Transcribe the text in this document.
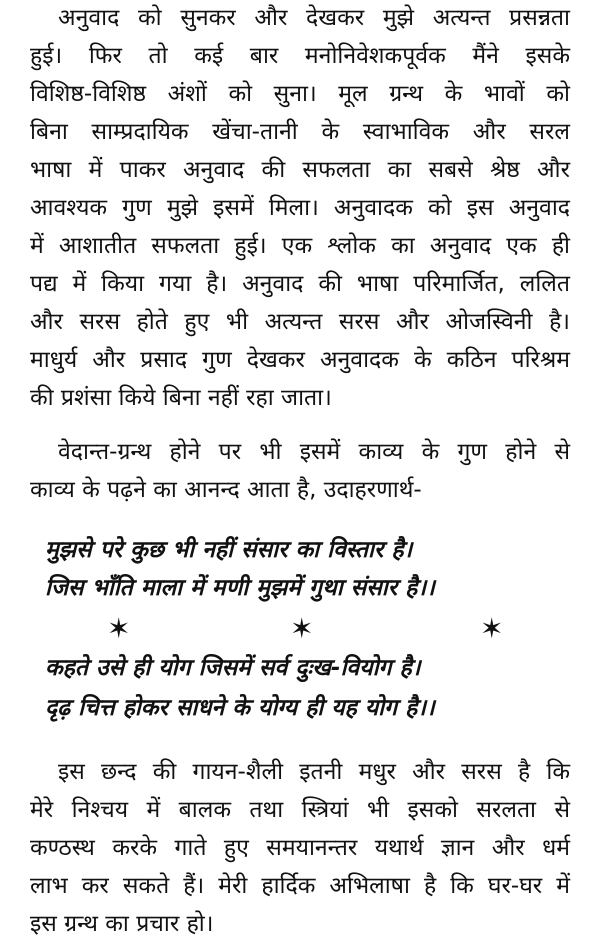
अनुवाद को सुनकर और देखकर मुझे अत्यन्त प्रसन्नता
हुई। फिर तो कई बार मनोनिवेशकपूर्वक मैंने इसके
विशिष्ठ-विशिष्ठ अंशों को सुना। मूल ग्रन्थ के भावों को
बिना साम्प्रदायिक खेंचा-तानी के स्वाभाविक और सरल
भाषा में पाकर अनुवाद की सफलता का सबसे श्रेष्ठ और
आवश्यक गुण मुझे इसमें मिला। अनुवादक को इस अनुवाद
में आशातीत सफलता हुई। एक श्लोक का अनुवाद एक ही
पद्य में किया गया है। अनुवाद की भाषा परिमार्जित, ललित
और सरस होते हुए भी अत्यन्त सरस और ओजस्विनी है।
माधुर्य और प्रसाद गुण देखकर अनुवादक के कठिन परिश्रम
की प्रशंसा किये बिना नहीं रहा जाता।
वेदान्त-ग्रन्थ होने पर भी इसमें काव्य के गुण होने से
काव्य के पढ़ने का आनन्द आता है, उदाहरणार्थ-
मुझसे परे कुछ भी नहीं संसार का विस्तार है।
जिस भाँति माला में मणी मुझमें गुथा संसार है।।
✶	✶	✶
कहते उसे ही योग जिसमें सर्व दुःख-वियोग है।
दृढ़ चित्त होकर साधने के योग्य ही यह योग है।।
इस छन्द की गायन-शैली इतनी मधुर और सरस है कि
मेरे निश्चय में बालक तथा स्त्रियां भी इसको सरलता से
कण्ठस्थ करके गाते हुए समयानन्तर यथार्थ ज्ञान और धर्म
लाभ कर सकते हैं। मेरी हार्दिक अभिलाषा है कि घर-घर में
इस ग्रन्थ का प्रचार हो।
